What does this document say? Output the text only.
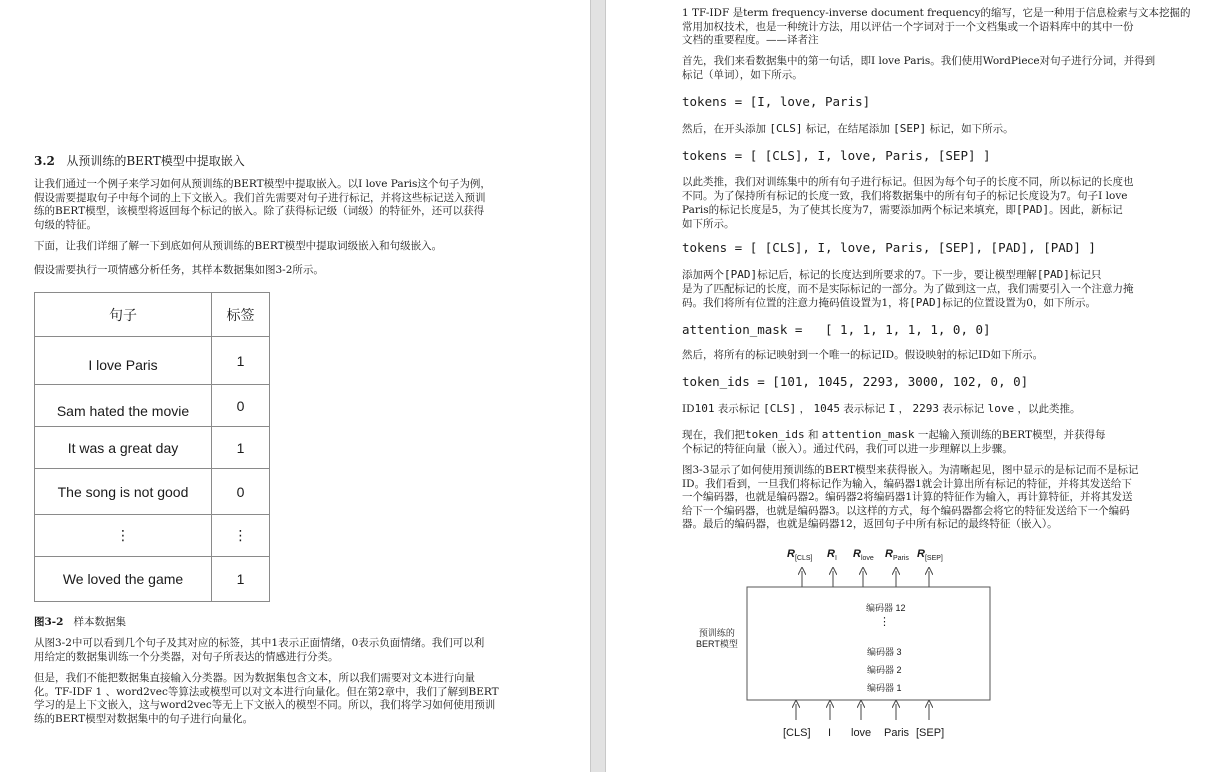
3.2 从预训练的BERT模型中提取嵌入
让我们通过一个例子来学习如何从预训练的BERT模型中提取嵌入。以I love Paris这个句子为例，
假设需要提取句子中每个词的上下文嵌入。我们首先需要对句子进行标记，并将这些标记送入预训
练的BERT模型，该模型将返回每个标记的嵌入。除了获得标记级（词级）的特征外，还可以获得
句级的特征。
下面，让我们详细了解一下到底如何从预训练的BERT模型中提取词级嵌入和句级嵌入。
假设需要执行一项情感分析任务，其样本数据集如图3-2所示。
句子	标签
I love Paris	1
Sam hated the movie	0
It was a great day	1
The song is not good	0
⋮	⋮
We loved the game	1
图3-2 样本数据集
从图3-2中可以看到几个句子及其对应的标签，其中1表示正面情绪，0表示负面情绪。我们可以利
用给定的数据集训练一个分类器，对句子所表达的情感进行分类。
但是，我们不能把数据集直接输入分类器。因为数据集包含文本，所以我们需要对文本进行向量
化。TF-IDF 1 、word2vec等算法或模型可以对文本进行向量化。但在第2章中，我们了解到BERT
学习的是上下文嵌入，这与word2vec等无上下文嵌入的模型不同。所以，我们将学习如何使用预训
练的BERT模型对数据集中的句子进行向量化。
1 TF-IDF 是term frequency-inverse document frequency的缩写，它是一种用于信息检索与文本挖掘的
常用加权技术，也是一种统计方法，用以评估一个字词对于一个文档集或一个语料库中的其中一份
文档的重要程度。——译者注
首先，我们来看数据集中的第一句话，即I love Paris。我们使用WordPiece对句子进行分词，并得到
标记（单词），如下所示。
tokens = [I, love, Paris]
然后，在开头添加 [CLS] 标记，在结尾添加 [SEP] 标记，如下所示。
tokens = [ [CLS], I, love, Paris, [SEP] ]
以此类推，我们对训练集中的所有句子进行标记。但因为每个句子的长度不同，所以标记的长度也
不同。为了保持所有标记的长度一致，我们将数据集中的所有句子的标记长度设为7。句子I love
Paris的标记长度是5，为了使其长度为7，需要添加两个标记来填充，即[PAD]。因此，新标记
如下所示。
tokens = [ [CLS], I, love, Paris, [SEP], [PAD], [PAD] ]
添加两个[PAD]标记后，标记的长度达到所要求的7。下一步，要让模型理解[PAD]标记只
是为了匹配标记的长度，而不是实际标记的一部分。为了做到这一点，我们需要引入一个注意力掩
码。我们将所有位置的注意力掩码值设置为1，将[PAD]标记的位置设置为0，如下所示。
attention_mask =   [ 1, 1, 1, 1, 1, 0, 0]
然后，将所有的标记映射到一个唯一的标记ID。假设映射的标记ID如下所示。
token_ids = [101, 1045, 2293, 3000, 102, 0, 0]
ID101 表示标记 [CLS] ， 1045 表示标记 I ， 2293 表示标记 love ，以此类推。
现在，我们把token_ids 和 attention_mask 一起输入预训练的BERT模型，并获得每
个标记的特征向量（嵌入）。通过代码，我们可以进一步理解以上步骤。
图3-3显示了如何使用预训练的BERT模型来获得嵌入。为清晰起见，图中显示的是标记而不是标记
ID。我们看到，一旦我们将标记作为输入，编码器1就会计算出所有标记的特征，并将其发送给下
一个编码器，也就是编码器2。编码器2将编码器1计算的特征作为输入，再计算特征，并将其发送
给下一个编码器，也就是编码器3。以这样的方式，每个编码器都会将它的特征发送给下一个编码
器。最后的编码器，也就是编码器12，返回句子中所有标记的最终特征（嵌入）。
$R_{[CLS]}$ $R_I$ $R_{love}$ $R_{Paris}$ $R_{[SEP]}$
预训练的
BERT模型
编码器 12
⋮
编码器 3
编码器 2
编码器 1
[CLS] I love Paris [SEP]
